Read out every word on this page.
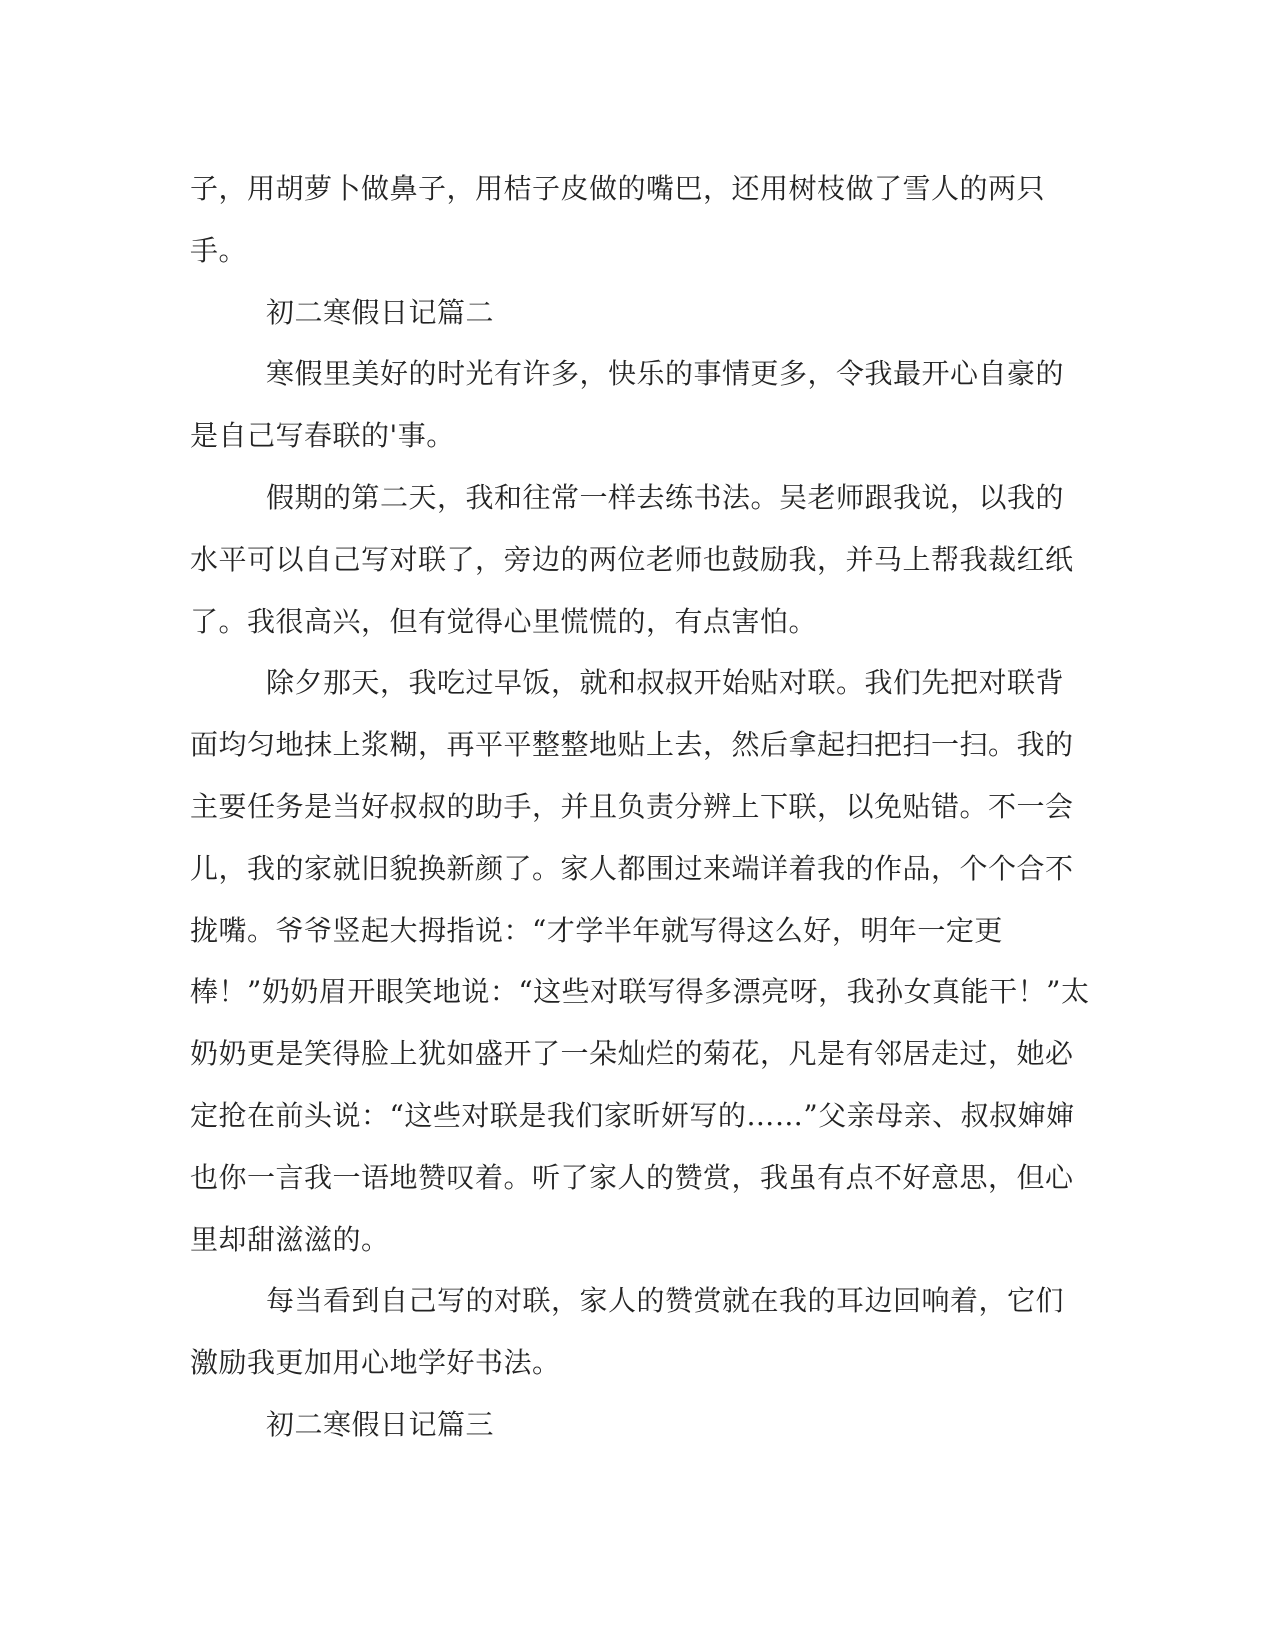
子，用胡萝卜做鼻子，用桔子皮做的嘴巴，还用树枝做了雪人的两只手。

初二寒假日记篇二

寒假里美好的时光有许多，快乐的事情更多，令我最开心自豪的是自己写春联的'事。

假期的第二天，我和往常一样去练书法。吴老师跟我说，以我的水平可以自己写对联了，旁边的两位老师也鼓励我，并马上帮我裁红纸了。我很高兴，但有觉得心里慌慌的，有点害怕。

除夕那天，我吃过早饭，就和叔叔开始贴对联。我们先把对联背面均匀地抹上浆糊，再平平整整地贴上去，然后拿起扫把扫一扫。我的主要任务是当好叔叔的助手，并且负责分辨上下联，以免贴错。不一会儿，我的家就旧貌换新颜了。家人都围过来端详着我的作品，个个合不拢嘴。爷爷竖起大拇指说：“才学半年就写得这么好，明年一定更棒！”奶奶眉开眼笑地说：“这些对联写得多漂亮呀，我孙女真能干！”太奶奶更是笑得脸上犹如盛开了一朵灿烂的菊花，凡是有邻居走过，她必定抢在前头说：“这些对联是我们家昕妍写的……”父亲母亲、叔叔婶婶也你一言我一语地赞叹着。听了家人的赞赏，我虽有点不好意思，但心里却甜滋滋的。

每当看到自己写的对联，家人的赞赏就在我的耳边回响着，它们激励我更加用心地学好书法。

初二寒假日记篇三
